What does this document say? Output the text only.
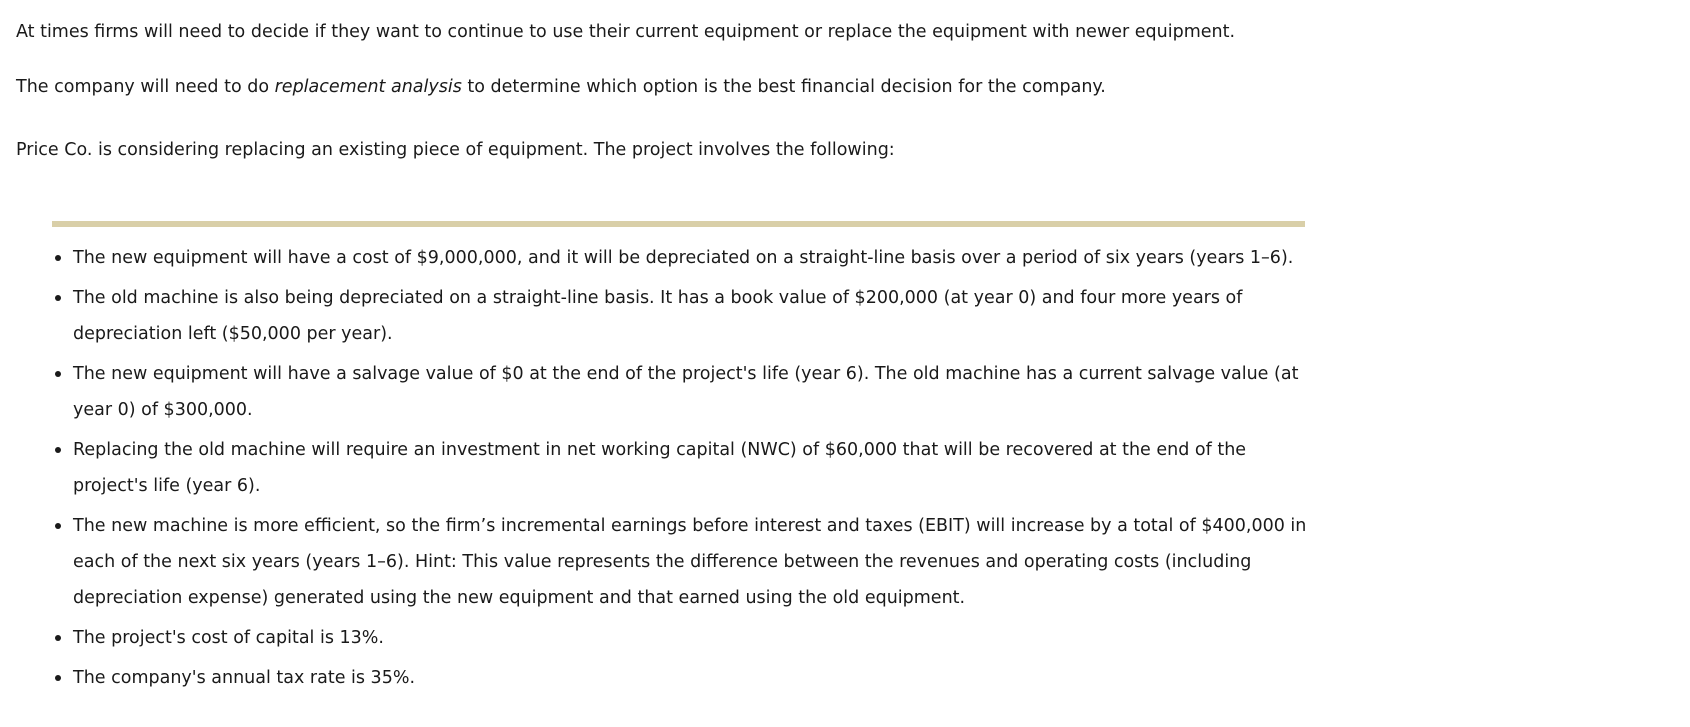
At times firms will need to decide if they want to continue to use their current equipment or replace the equipment with newer equipment.

The company will need to do replacement analysis to determine which option is the best financial decision for the company.

Price Co. is considering replacing an existing piece of equipment. The project involves the following:

The new equipment will have a cost of $9,000,000, and it will be depreciated on a straight-line basis over a period of six years (years 1–6).
The old machine is also being depreciated on a straight-line basis. It has a book value of $200,000 (at year 0) and four more years of depreciation left ($50,000 per year).
The new equipment will have a salvage value of $0 at the end of the project's life (year 6). The old machine has a current salvage value (at year 0) of $300,000.
Replacing the old machine will require an investment in net working capital (NWC) of $60,000 that will be recovered at the end of the project's life (year 6).
The new machine is more efficient, so the firm’s incremental earnings before interest and taxes (EBIT) will increase by a total of $400,000 in each of the next six years (years 1–6). Hint: This value represents the difference between the revenues and operating costs (including depreciation expense) generated using the new equipment and that earned using the old equipment.
The project's cost of capital is 13%.
The company's annual tax rate is 35%.
